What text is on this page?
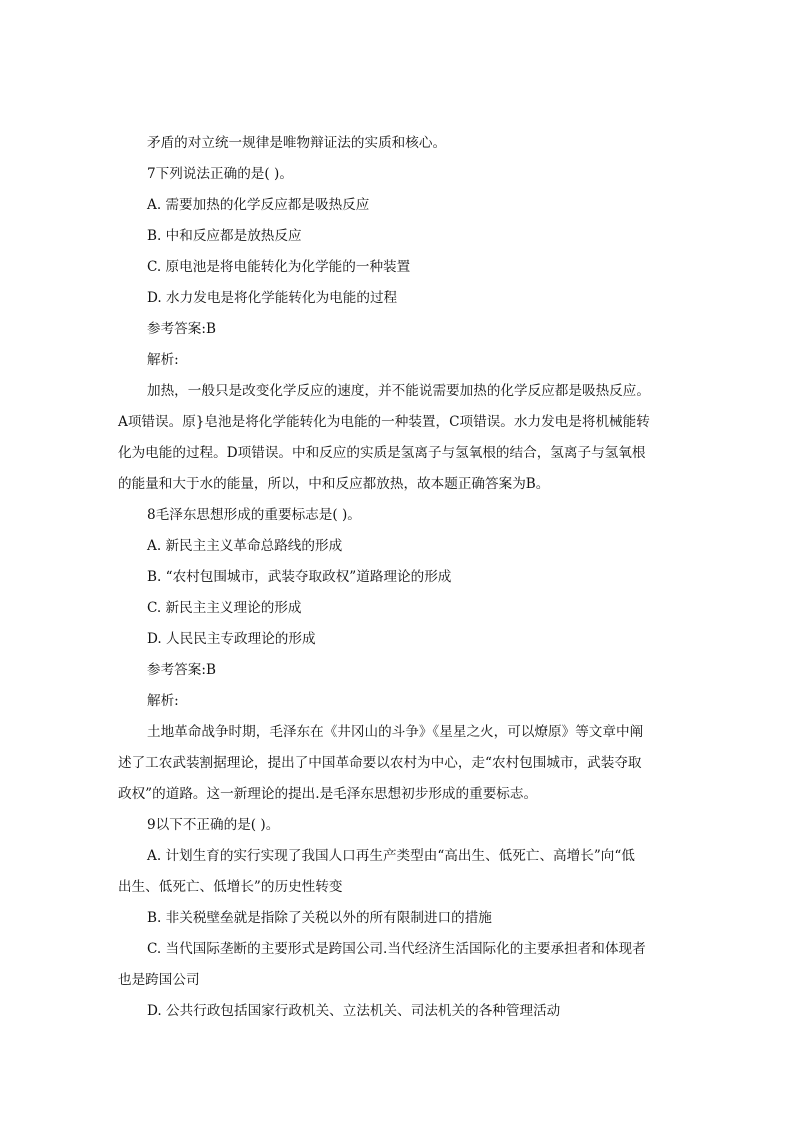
矛盾的对立统一规律是唯物辩证法的实质和核心。
7下列说法正确的是( )。
A. 需要加热的化学反应都是吸热反应
B. 中和反应都是放热反应
C. 原电池是将电能转化为化学能的一种装置
D. 水力发电是将化学能转化为电能的过程
参考答案:B
解析:
加热，一般只是改变化学反应的速度，并不能说需要加热的化学反应都是吸热反应。
A项错误。原}皂池是将化学能转化为电能的一种装置，C项错误。水力发电是将机械能转
化为电能的过程。D项错误。中和反应的实质是氢离子与氢氧根的结合，氢离子与氢氧根
的能量和大于水的能量，所以，中和反应都放热，故本题正确答案为B。
8毛泽东思想形成的重要标志是( )。
A. 新民主主义革命总路线的形成
B. “农村包围城市，武装夺取政权”道路理论的形成
C. 新民主主义理论的形成
D. 人民民主专政理论的形成
参考答案:B
解析:
土地革命战争时期，毛泽东在《井冈山的斗争》《星星之火，可以燎原》等文章中阐
述了工农武装割据理论，提出了中国革命要以农村为中心，走“农村包围城市，武装夺取
政权”的道路。这一新理论的提出.是毛泽东思想初步形成的重要标志。
9以下不正确的是( )。
A. 计划生育的实行实现了我国人口再生产类型由“高出生、低死亡、高增长”向“低
出生、低死亡、低增长”的历史性转变
B. 非关税壁垒就是指除了关税以外的所有限制进口的措施
C. 当代国际垄断的主要形式是跨国公司.当代经济生活国际化的主要承担者和体现者
也是跨国公司
D. 公共行政包括国家行政机关、立法机关、司法机关的各种管理活动
